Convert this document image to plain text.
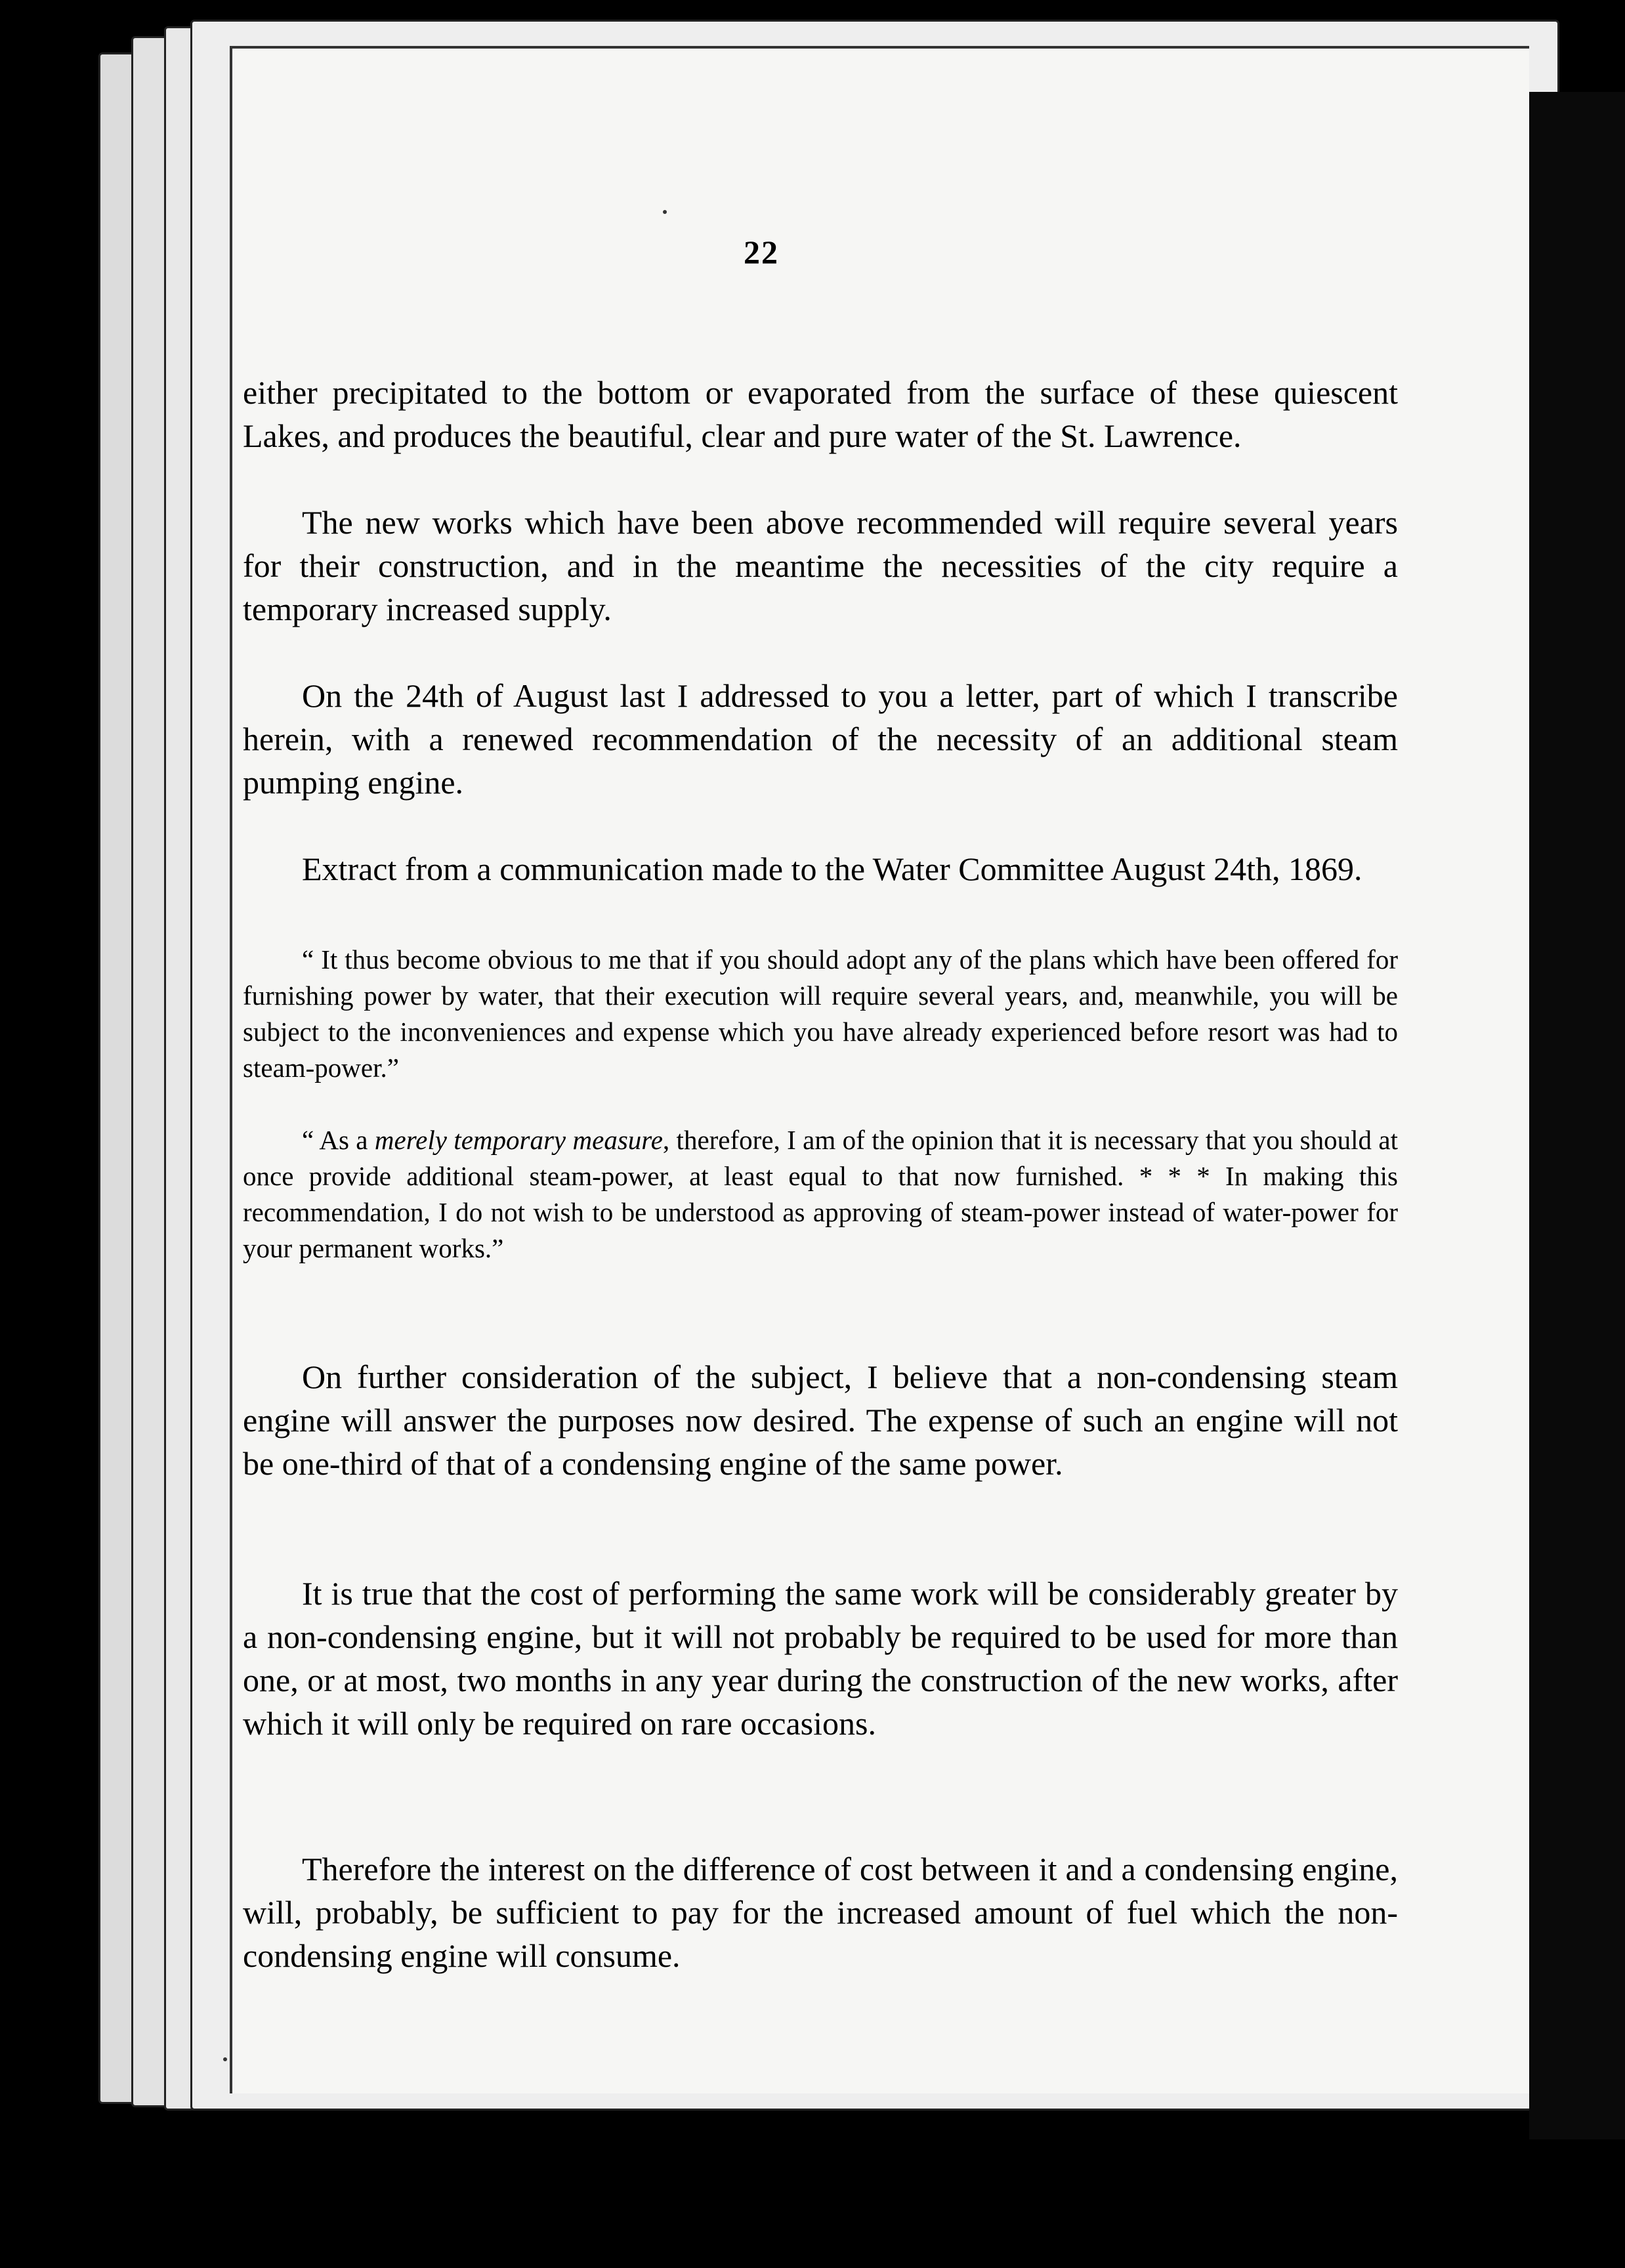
22

either precipitated to the bottom or evaporated from the surface of these quiescent Lakes, and produces the beautiful, clear and pure water of the St. Lawrence.

The new works which have been above recommended will require several years for their construction, and in the meantime the necessities of the city require a temporary increased supply.

On the 24th of August last I addressed to you a letter, part of which I transcribe herein, with a renewed recommendation of the necessity of an additional steam pumping engine.

Extract from a communication made to the Water Committee August 24th, 1869.

“ It thus become obvious to me that if you should adopt any of the plans which have been offered for furnishing power by water, that their execution will require several years, and, meanwhile, you will be subject to the inconveniences and expense which you have already experienced before resort was had to steam-power.”

“ As a merely temporary measure, therefore, I am of the opinion that it is necessary that you should at once provide additional steam-power, at least equal to that now furnished. * * * In making this recommendation, I do not wish to be understood as approving of steam-power instead of water-power for your permanent works.”

On further consideration of the subject, I believe that a non-condensing steam engine will answer the purposes now desired. The expense of such an engine will not be one-third of that of a condensing engine of the same power.

It is true that the cost of performing the same work will be considerably greater by a non-condensing engine, but it will not probably be required to be used for more than one, or at most, two months in any year during the construction of the new works, after which it will only be required on rare occasions.

Therefore the interest on the difference of cost between it and a condensing engine, will, probably, be sufficient to pay for the increased amount of fuel which the non-condensing engine will consume.
